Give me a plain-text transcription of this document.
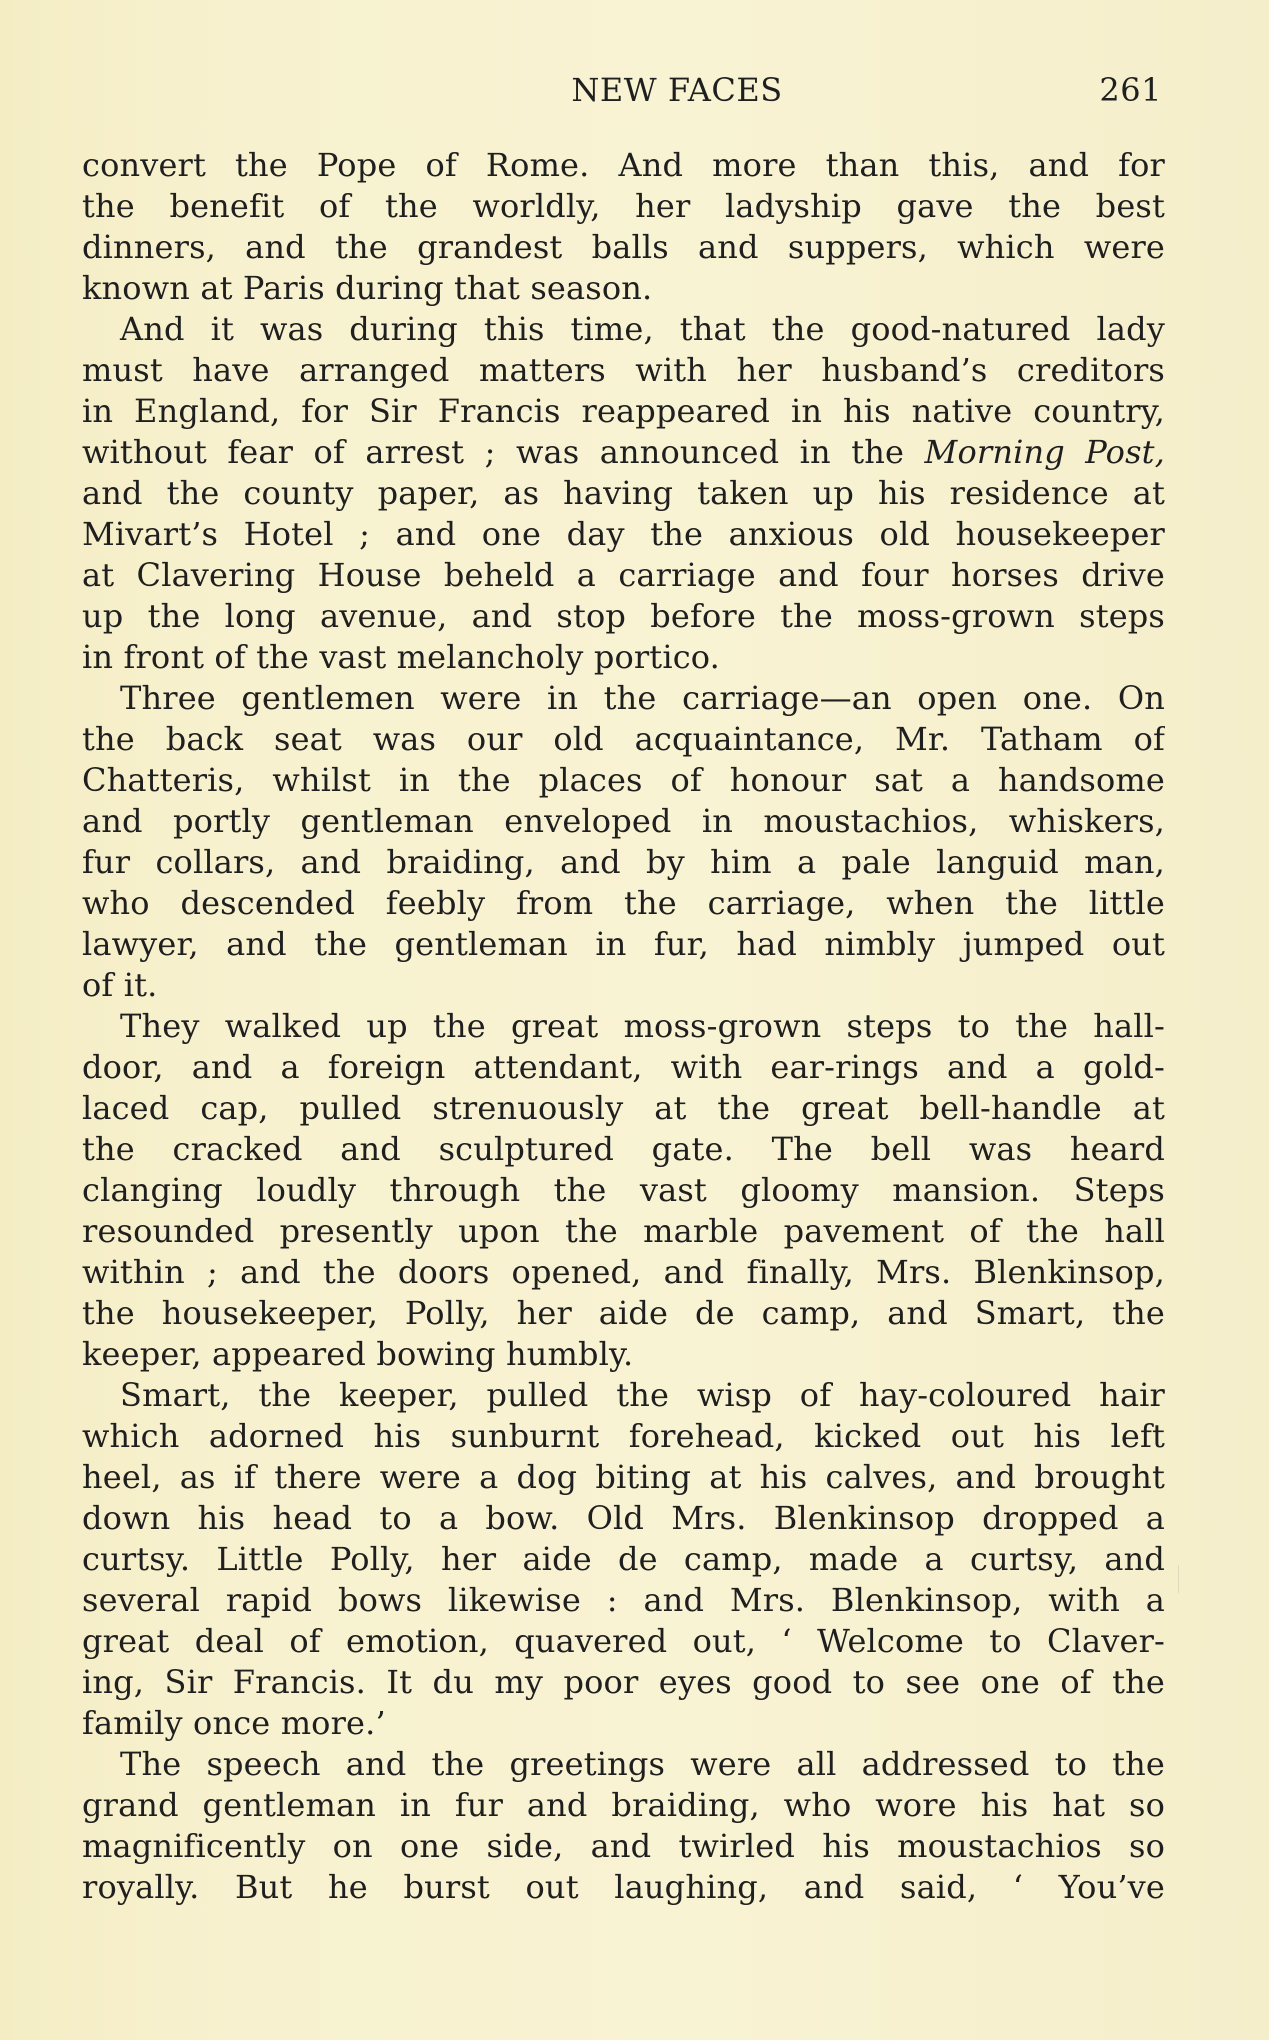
NEW FACES	261
convert the Pope of Rome. And more than this, and for
the benefit of the worldly, her ladyship gave the best
dinners, and the grandest balls and suppers, which were
known at Paris during that season.
And it was during this time, that the good-natured lady
must have arranged matters with her husband’s creditors
in England, for Sir Francis reappeared in his native country,
without fear of arrest ; was announced in the Morning Post,
and the county paper, as having taken up his residence at
Mivart’s Hotel ; and one day the anxious old housekeeper
at Clavering House beheld a carriage and four horses drive
up the long avenue, and stop before the moss-grown steps
in front of the vast melancholy portico.
Three gentlemen were in the carriage—an open one. On
the back seat was our old acquaintance, Mr. Tatham of
Chatteris, whilst in the places of honour sat a handsome
and portly gentleman enveloped in moustachios, whiskers,
fur collars, and braiding, and by him a pale languid man,
who descended feebly from the carriage, when the little
lawyer, and the gentleman in fur, had nimbly jumped out
of it.
They walked up the great moss-grown steps to the hall-
door, and a foreign attendant, with ear-rings and a gold-
laced cap, pulled strenuously at the great bell-handle at
the cracked and sculptured gate. The bell was heard
clanging loudly through the vast gloomy mansion. Steps
resounded presently upon the marble pavement of the hall
within ; and the doors opened, and finally, Mrs. Blenkinsop,
the housekeeper, Polly, her aide de camp, and Smart, the
keeper, appeared bowing humbly.
Smart, the keeper, pulled the wisp of hay-coloured hair
which adorned his sunburnt forehead, kicked out his left
heel, as if there were a dog biting at his calves, and brought
down his head to a bow. Old Mrs. Blenkinsop dropped a
curtsy. Little Polly, her aide de camp, made a curtsy, and
several rapid bows likewise : and Mrs. Blenkinsop, with a
great deal of emotion, quavered out, ‘ Welcome to Claver-
ing, Sir Francis. It du my poor eyes good to see one of the
family once more.’
The speech and the greetings were all addressed to the
grand gentleman in fur and braiding, who wore his hat so
magnificently on one side, and twirled his moustachios so
royally. But he burst out laughing, and said, ‘ You’ve
